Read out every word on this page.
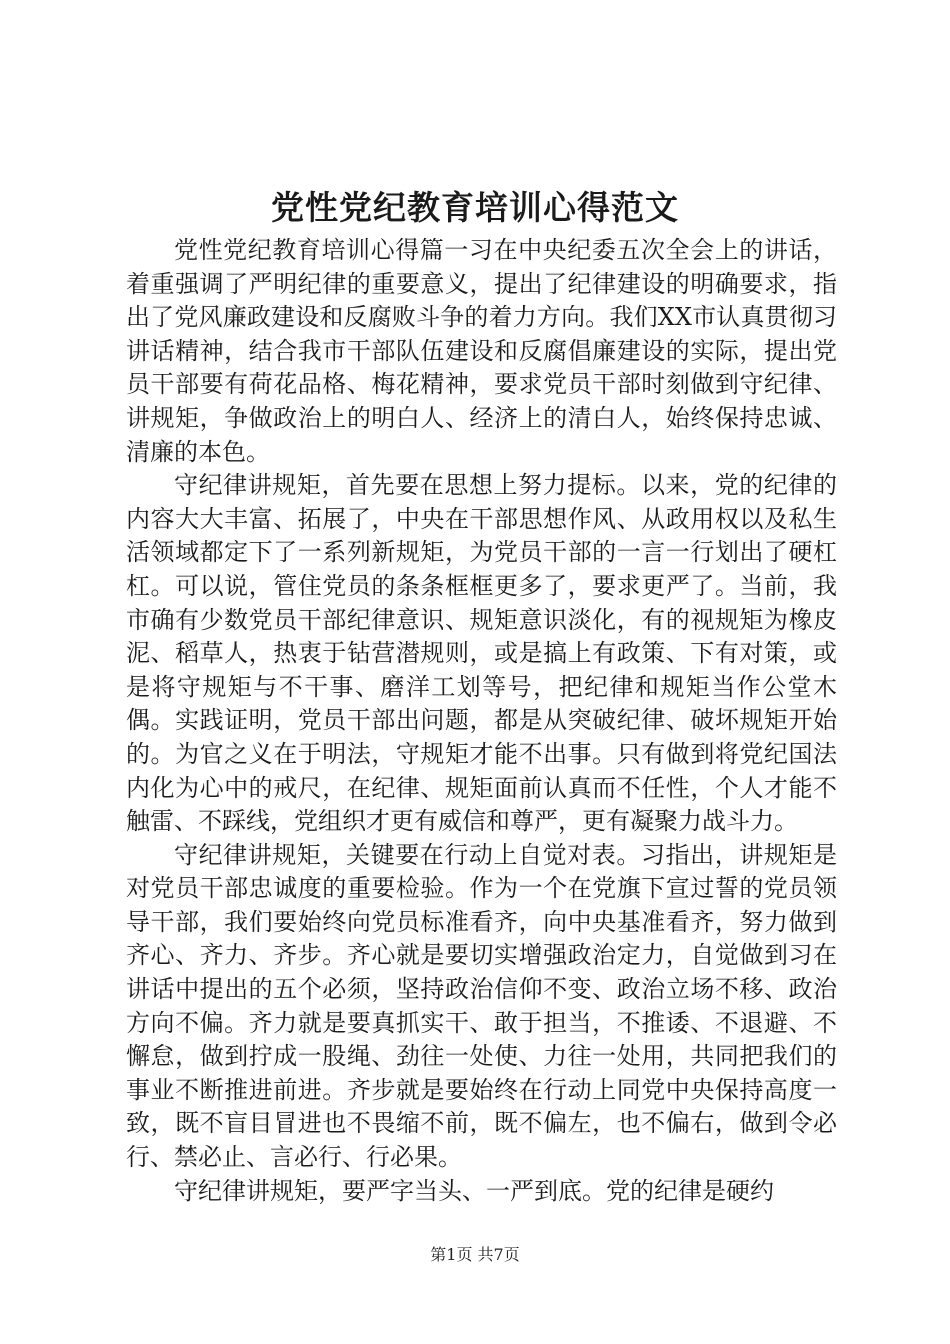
党性党纪教育培训心得范文

党性党纪教育培训心得篇一习在中央纪委五次全会上的讲话，着重强调了严明纪律的重要意义，提出了纪律建设的明确要求，指出了党风廉政建设和反腐败斗争的着力方向。我们XX市认真贯彻习讲话精神，结合我市干部队伍建设和反腐倡廉建设的实际，提出党员干部要有荷花品格、梅花精神，要求党员干部时刻做到守纪律、讲规矩，争做政治上的明白人、经济上的清白人，始终保持忠诚、清廉的本色。

守纪律讲规矩，首先要在思想上努力提标。以来，党的纪律的内容大大丰富、拓展了，中央在干部思想作风、从政用权以及私生活领域都定下了一系列新规矩，为党员干部的一言一行划出了硬杠杠。可以说，管住党员的条条框框更多了，要求更严了。当前，我市确有少数党员干部纪律意识、规矩意识淡化，有的视规矩为橡皮泥、稻草人，热衷于钻营潜规则，或是搞上有政策、下有对策，或是将守规矩与不干事、磨洋工划等号，把纪律和规矩当作公堂木偶。实践证明，党员干部出问题，都是从突破纪律、破坏规矩开始的。为官之义在于明法，守规矩才能不出事。只有做到将党纪国法内化为心中的戒尺，在纪律、规矩面前认真而不任性，个人才能不触雷、不踩线，党组织才更有威信和尊严，更有凝聚力战斗力。

守纪律讲规矩，关键要在行动上自觉对表。习指出，讲规矩是对党员干部忠诚度的重要检验。作为一个在党旗下宣过誓的党员领导干部，我们要始终向党员标准看齐，向中央基准看齐，努力做到齐心、齐力、齐步。齐心就是要切实增强政治定力，自觉做到习在讲话中提出的五个必须，坚持政治信仰不变、政治立场不移、政治方向不偏。齐力就是要真抓实干、敢于担当，不推诿、不退避、不懈怠，做到拧成一股绳、劲往一处使、力往一处用，共同把我们的事业不断推进前进。齐步就是要始终在行动上同党中央保持高度一致，既不盲目冒进也不畏缩不前，既不偏左，也不偏右，做到令必行、禁必止、言必行、行必果。

守纪律讲规矩，要严字当头、一严到底。党的纪律是硬约

第1页 共7页
